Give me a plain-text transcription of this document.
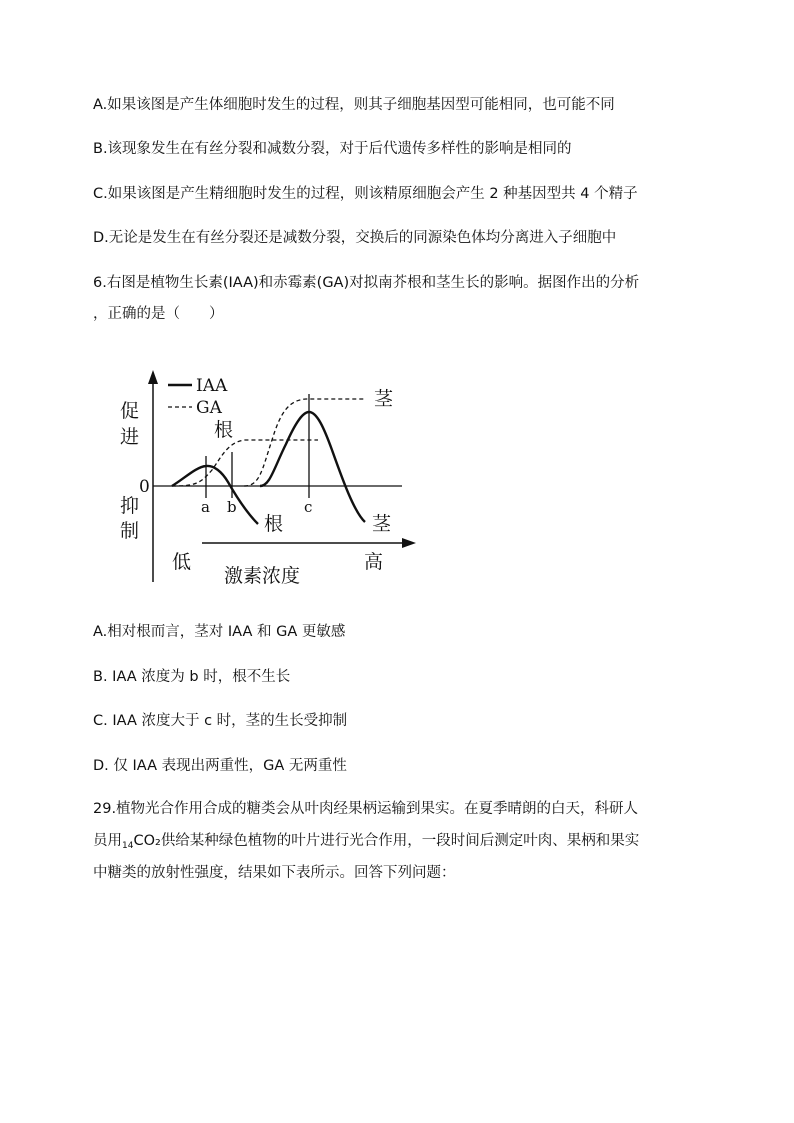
A.如果该图是产生体细胞时发生的过程，则其子细胞基因型可能相同，也可能不同
B.该现象发生在有丝分裂和减数分裂，对于后代遗传多样性的影响是相同的
C.如果该图是产生精细胞时发生的过程，则该精原细胞会产生 2 种基因型共 4 个精子
D.无论是发生在有丝分裂还是减数分裂，交换后的同源染色体均分离进入子细胞中
6.右图是植物生长素(IAA)和赤霉素(GA)对拟南芥根和茎生长的影响。据图作出的分析
，正确的是（　　）
IAA
GA
促
进
0
抑
制
a b	c
根
根
茎
茎
低	高
激素浓度
A.相对根而言，茎对 IAA 和 GA 更敏感
B. IAA 浓度为 b 时，根不生长
C. IAA 浓度大于 c 时，茎的生长受抑制
D. 仅 IAA 表现出两重性，GA 无两重性
29.植物光合作用合成的糖类会从叶肉经果柄运输到果实。在夏季晴朗的白天，科研人
员用$_{14}$CO₂供给某种绿色植物的叶片进行光合作用，一段时间后测定叶肉、果柄和果实
中糖类的放射性强度，结果如下表所示。回答下列问题：
